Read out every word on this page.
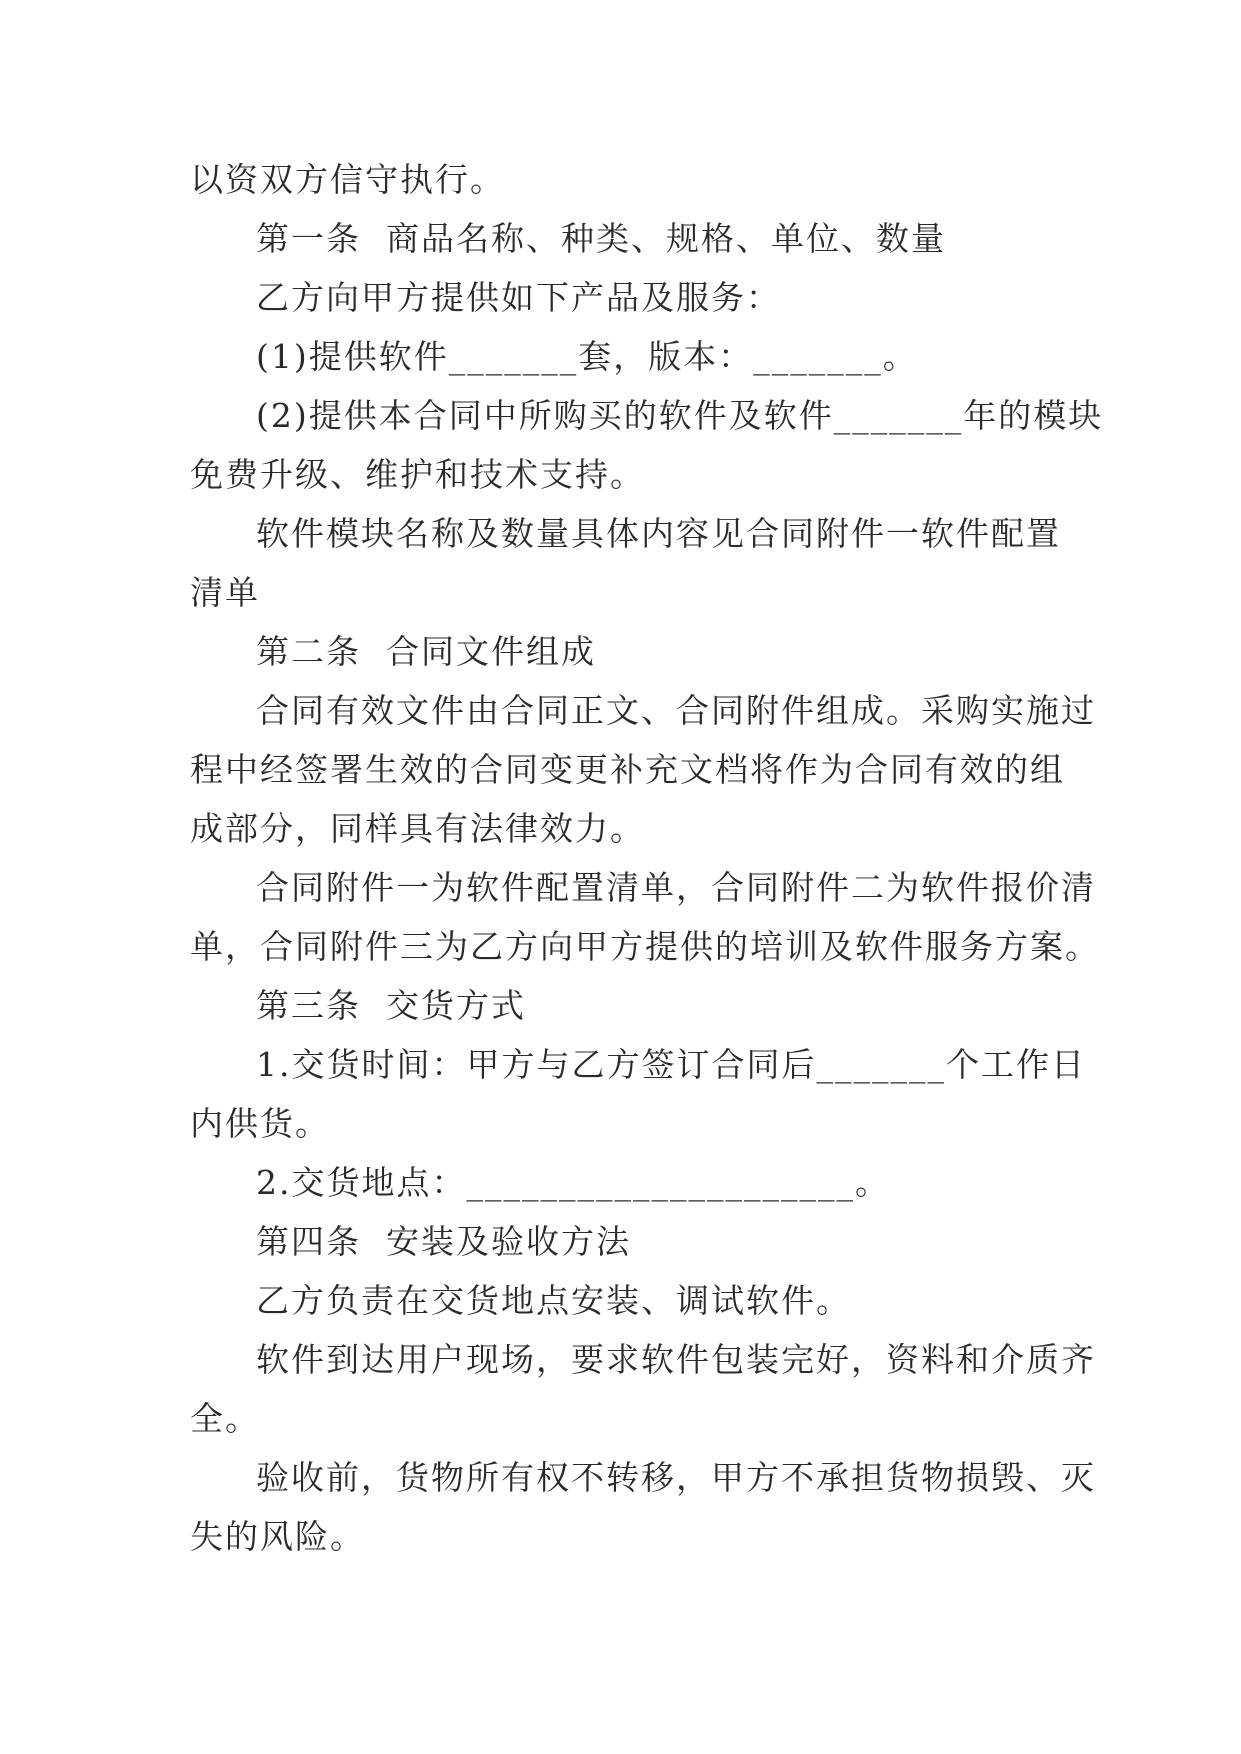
以资双方信守执行。
第一条  商品名称、种类、规格、单位、数量
乙方向甲方提供如下产品及服务：
(1)提供软件_______套，版本：_______。
(2)提供本合同中所购买的软件及软件_______年的模块
免费升级、维护和技术支持。
软件模块名称及数量具体内容见合同附件一软件配置
清单
第二条  合同文件组成
合同有效文件由合同正文、合同附件组成。采购实施过
程中经签署生效的合同变更补充文档将作为合同有效的组
成部分，同样具有法律效力。
合同附件一为软件配置清单，合同附件二为软件报价清
单，合同附件三为乙方向甲方提供的培训及软件服务方案。
第三条  交货方式
1.交货时间：甲方与乙方签订合同后_______个工作日
内供货。
2.交货地点：_____________________。
第四条  安装及验收方法
乙方负责在交货地点安装、调试软件。
软件到达用户现场，要求软件包装完好，资料和介质齐
全。
验收前，货物所有权不转移，甲方不承担货物损毁、灭
失的风险。
